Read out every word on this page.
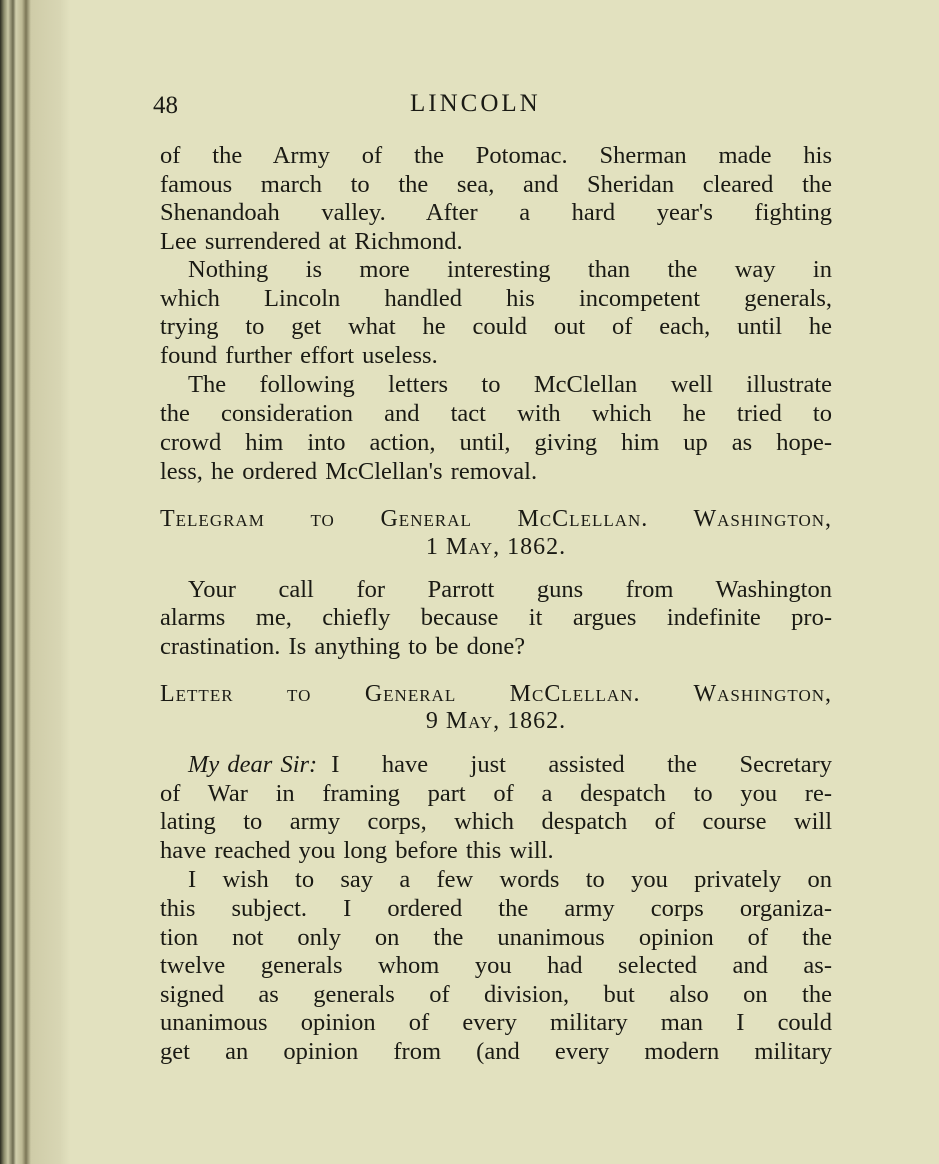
48	LINCOLN
of the Army of the Potomac. Sherman made his
famous march to the sea, and Sheridan cleared the
Shenandoah valley. After a hard year's fighting
Lee surrendered at Richmond.
Nothing is more interesting than the way in
which Lincoln handled his incompetent generals,
trying to get what he could out of each, until he
found further effort useless.
The following letters to McClellan well illustrate
the consideration and tact with which he tried to
crowd him into action, until, giving him up as hope-
less, he ordered McClellan's removal.
Telegram to General McClellan. Washington,
1 May, 1862.
Your call for Parrott guns from Washington
alarms me, chiefly because it argues indefinite pro-
crastination. Is anything to be done?
Letter to General McClellan. Washington,
9 May, 1862.
My dear Sir: I have just assisted the Secretary
of War in framing part of a despatch to you re-
lating to army corps, which despatch of course will
have reached you long before this will.
I wish to say a few words to you privately on
this subject. I ordered the army corps organiza-
tion not only on the unanimous opinion of the
twelve generals whom you had selected and as-
signed as generals of division, but also on the
unanimous opinion of every military man I could
get an opinion from (and every modern military
